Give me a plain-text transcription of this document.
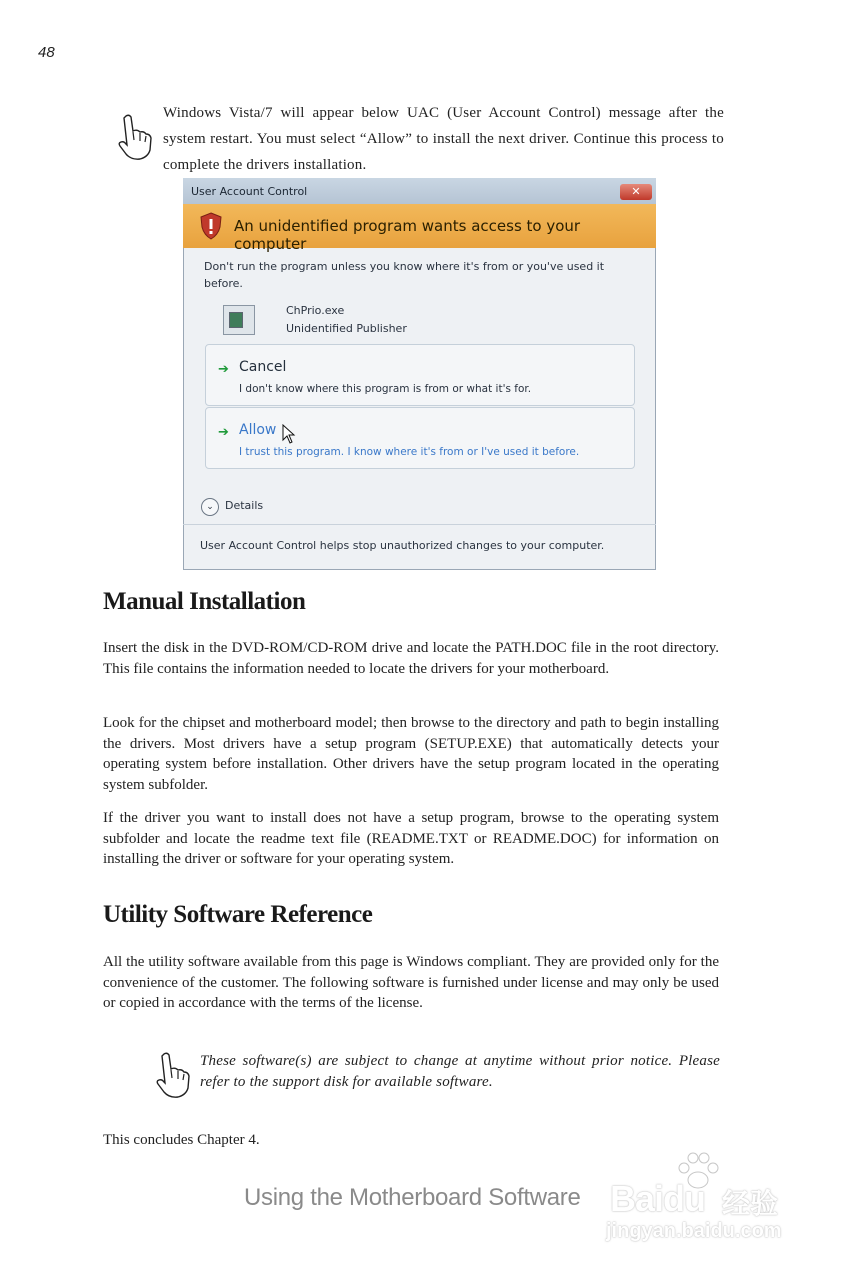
48
Windows Vista/7 will appear below UAC (User Account Control) message after the system restart. You must select “Allow” to install the next driver. Continue this process to complete the drivers installation.
User Account Control	✕
An unidentified program wants access to your computer
Don't run the program unless you know where it's from or you've used it before.
ChPrio.exe
Unidentified Publisher
➔ Cancel
I don't know where this program is from or what it's for.
➔ Allow
I trust this program. I know where it's from or I've used it before.
⌄	Details
User Account Control helps stop unauthorized changes to your computer.
Manual Installation
Insert the disk in the DVD-ROM/CD-ROM drive and locate the PATH.DOC file in the root directory. This file contains the information needed to locate the drivers for your motherboard.
Look for the chipset and motherboard model; then browse to the directory and path to begin installing the drivers. Most drivers have a setup program (SETUP.EXE) that automatically detects your operating system before installation. Other drivers have the setup program located in the operating system subfolder.
If the driver you want to install does not have a setup program, browse to the operating system subfolder and locate the readme text file (README.TXT or README.DOC) for information on installing the driver or software for your operating system.
Utility Software Reference
All the utility software available from this page is Windows compliant. They are provided only for the convenience of the customer. The following software is furnished under license and may only be used or copied in accordance with the terms of the license.
These software(s) are subject to change at anytime without prior notice. Please refer to the support disk for available software.
This concludes Chapter 4.
Using the Motherboard Software Baidu 经验
jingyan.baidu.com
